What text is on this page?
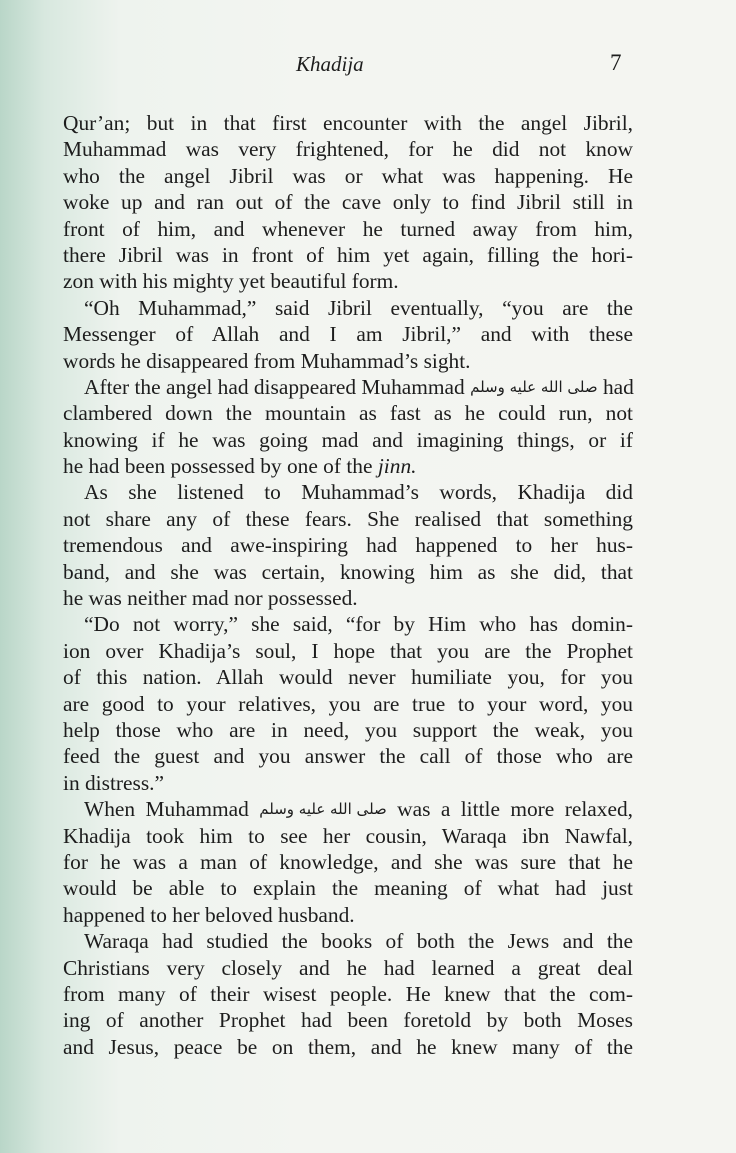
Khadija	7
Qur’an; but in that first encounter with the angel Jibril,
Muhammad was very frightened, for he did not know
who the angel Jibril was or what was happening. He
woke up and ran out of the cave only to find Jibril still in
front of him, and whenever he turned away from him,
there Jibril was in front of him yet again, filling the hori-
zon with his mighty yet beautiful form.
“Oh Muhammad,” said Jibril eventually, “you are the
Messenger of Allah and I am Jibril,” and with these
words he disappeared from Muhammad’s sight.
After the angel had disappeared Muhammad صلى الله عليه وسلم had
clambered down the mountain as fast as he could run, not
knowing if he was going mad and imagining things, or if
he had been possessed by one of the jinn.
As she listened to Muhammad’s words, Khadija did
not share any of these fears. She realised that something
tremendous and awe-inspiring had happened to her hus-
band, and she was certain, knowing him as she did, that
he was neither mad nor possessed.
“Do not worry,” she said, “for by Him who has domin-
ion over Khadija’s soul, I hope that you are the Prophet
of this nation. Allah would never humiliate you, for you
are good to your relatives, you are true to your word, you
help those who are in need, you support the weak, you
feed the guest and you answer the call of those who are
in distress.”
When Muhammad صلى الله عليه وسلم was a little more relaxed,
Khadija took him to see her cousin, Waraqa ibn Nawfal,
for he was a man of knowledge, and she was sure that he
would be able to explain the meaning of what had just
happened to her beloved husband.
Waraqa had studied the books of both the Jews and the
Christians very closely and he had learned a great deal
from many of their wisest people. He knew that the com-
ing of another Prophet had been foretold by both Moses
and Jesus, peace be on them, and he knew many of the
